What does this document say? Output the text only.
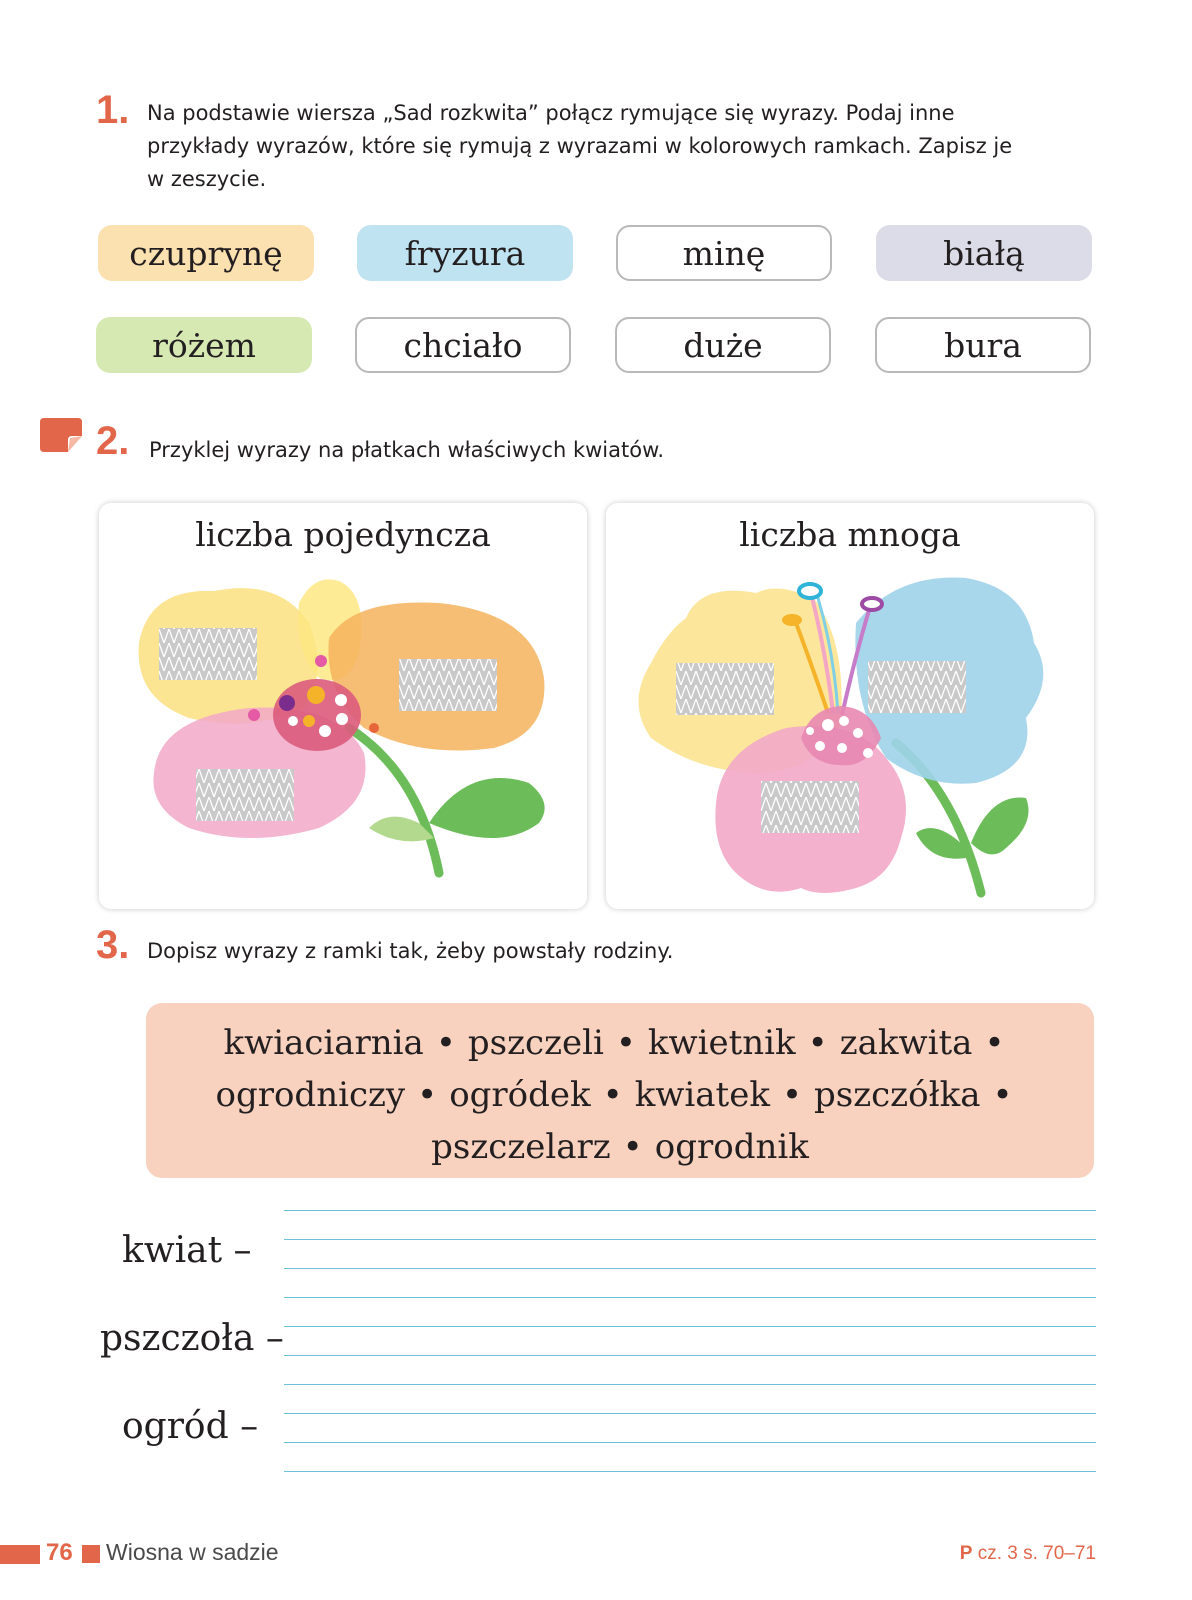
1. Na podstawie wiersza „Sad rozkwita” połącz rymujące się wyrazy. Podaj inne
przykłady wyrazów, które się rymują z wyrazami w kolorowych ramkach. Zapisz je
w zeszycie.
czuprynę	fryzura	minę	białą
różem	chciało	duże	bura
2. Przyklej wyrazy na płatkach właściwych kwiatów.
liczba pojedyncza	liczba mnoga
3. Dopisz wyrazy z ramki tak, żeby powstały rodziny.
kwiaciarnia • pszczeli • kwietnik • zakwita •
ogrodniczy • ogródek • kwiatek • pszczółka •
pszczelarz • ogrodnik
kwiat –
pszczoła –
ogród –
76 Wiosna w sadzie	P cz. 3 s. 70–71
